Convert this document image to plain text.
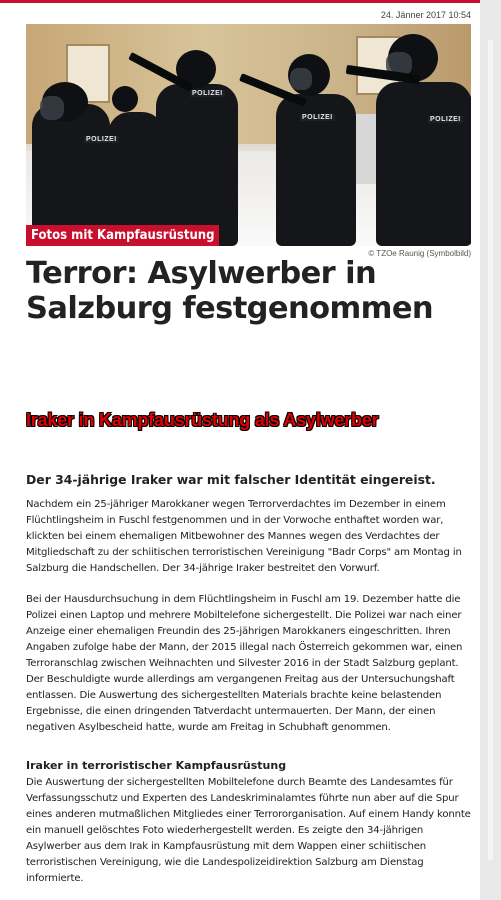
24. Jänner 2017 10:54
POLIZEI
POLIZEI	POLIZEI
POLIZEI
Fotos mit Kampfausrüstung
© TZOe Raunig (Symbolbild)
Terror: Asylwerber in Salzburg festgenommen
Iraker in Kampfausrüstung als Asylwerber

Der 34-jährige Iraker war mit falscher Identität eingereist.

Nachdem ein 25-jähriger Marokkaner wegen Terrorverdachtes im Dezember in einem Flüchtlingsheim in Fuschl festgenommen und in der Vorwoche enthaftet worden war, klickten bei einem ehemaligen Mitbewohner des Mannes wegen des Verdachtes der Mitgliedschaft zu der schiitischen terroristischen Vereinigung "Badr Corps" am Montag in Salzburg die Handschellen. Der 34-jährige Iraker bestreitet den Vorwurf.

Bei der Hausdurchsuchung in dem Flüchtlingsheim in Fuschl am 19. Dezember hatte die Polizei einen Laptop und mehrere Mobiltelefone sichergestellt. Die Polizei war nach einer Anzeige einer ehemaligen Freundin des 25-jährigen Marokkaners eingeschritten. Ihren Angaben zufolge habe der Mann, der 2015 illegal nach Österreich gekommen war, einen Terroranschlag zwischen Weihnachten und Silvester 2016 in der Stadt Salzburg geplant. Der Beschuldigte wurde allerdings am vergangenen Freitag aus der Untersuchungshaft entlassen. Die Auswertung des sichergestellten Materials brachte keine belastenden Ergebnisse, die einen dringenden Tatverdacht untermauerten. Der Mann, der einen negativen Asylbescheid hatte, wurde am Freitag in Schubhaft genommen.

Iraker in terroristischer Kampfausrüstung

Die Auswertung der sichergestellten Mobiltelefone durch Beamte des Landesamtes für Verfassungsschutz und Experten des Landeskriminalamtes führte nun aber auf die Spur eines anderen mutmaßlichen Mitgliedes einer Terrororganisation. Auf einem Handy konnte ein manuell gelöschtes Foto wiederhergestellt werden. Es zeigte den 34-jährigen Asylwerber aus dem Irak in Kampfausrüstung mit dem Wappen einer schiitischen terroristischen Vereinigung, wie die Landespolizeidirektion Salzburg am Dienstag informierte.
